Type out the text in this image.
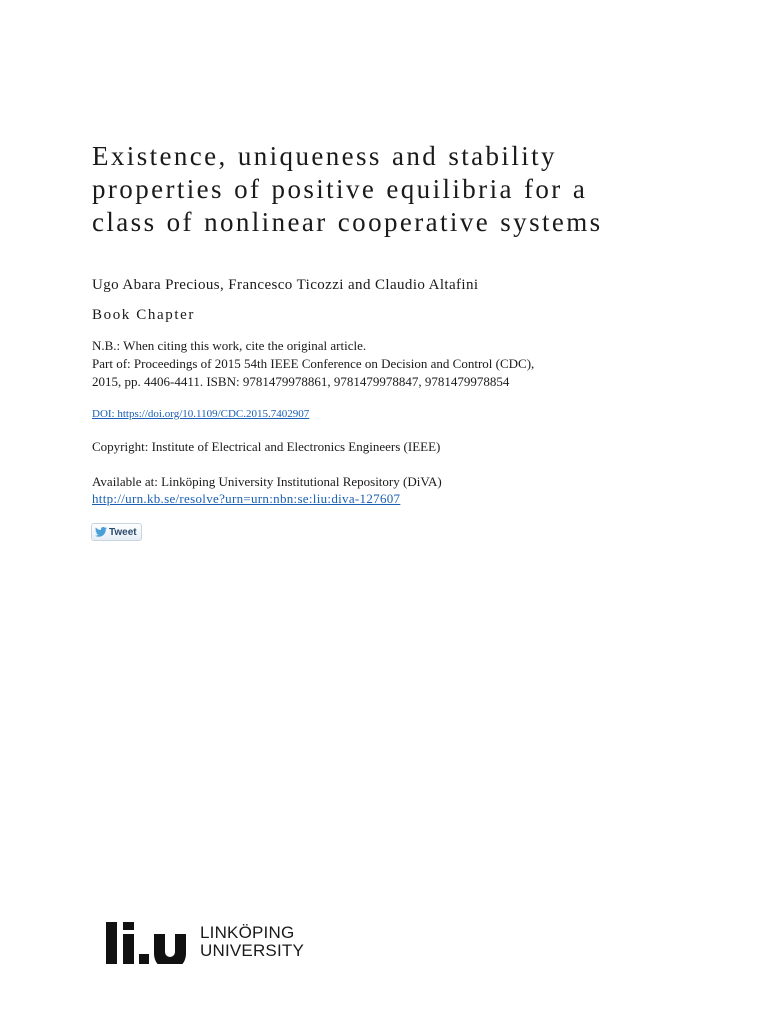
Existence, uniqueness and stability
properties of positive equilibria for a
class of nonlinear cooperative systems
Ugo Abara Precious, Francesco Ticozzi and Claudio Altafini
Book Chapter
N.B.: When citing this work, cite the original article.
Part of: Proceedings of 2015 54th IEEE Conference on Decision and Control (CDC),
2015, pp. 4406-4411. ISBN: 9781479978861, 9781479978847, 9781479978854
DOI: https://doi.org/10.1109/CDC.2015.7402907
Copyright: Institute of Electrical and Electronics Engineers (IEEE)
Available at: Linköping University Institutional Repository (DiVA)
http://urn.kb.se/resolve?urn=urn:nbn:se:liu:diva-127607
Tweet
LINKÖPING
UNIVERSITY
